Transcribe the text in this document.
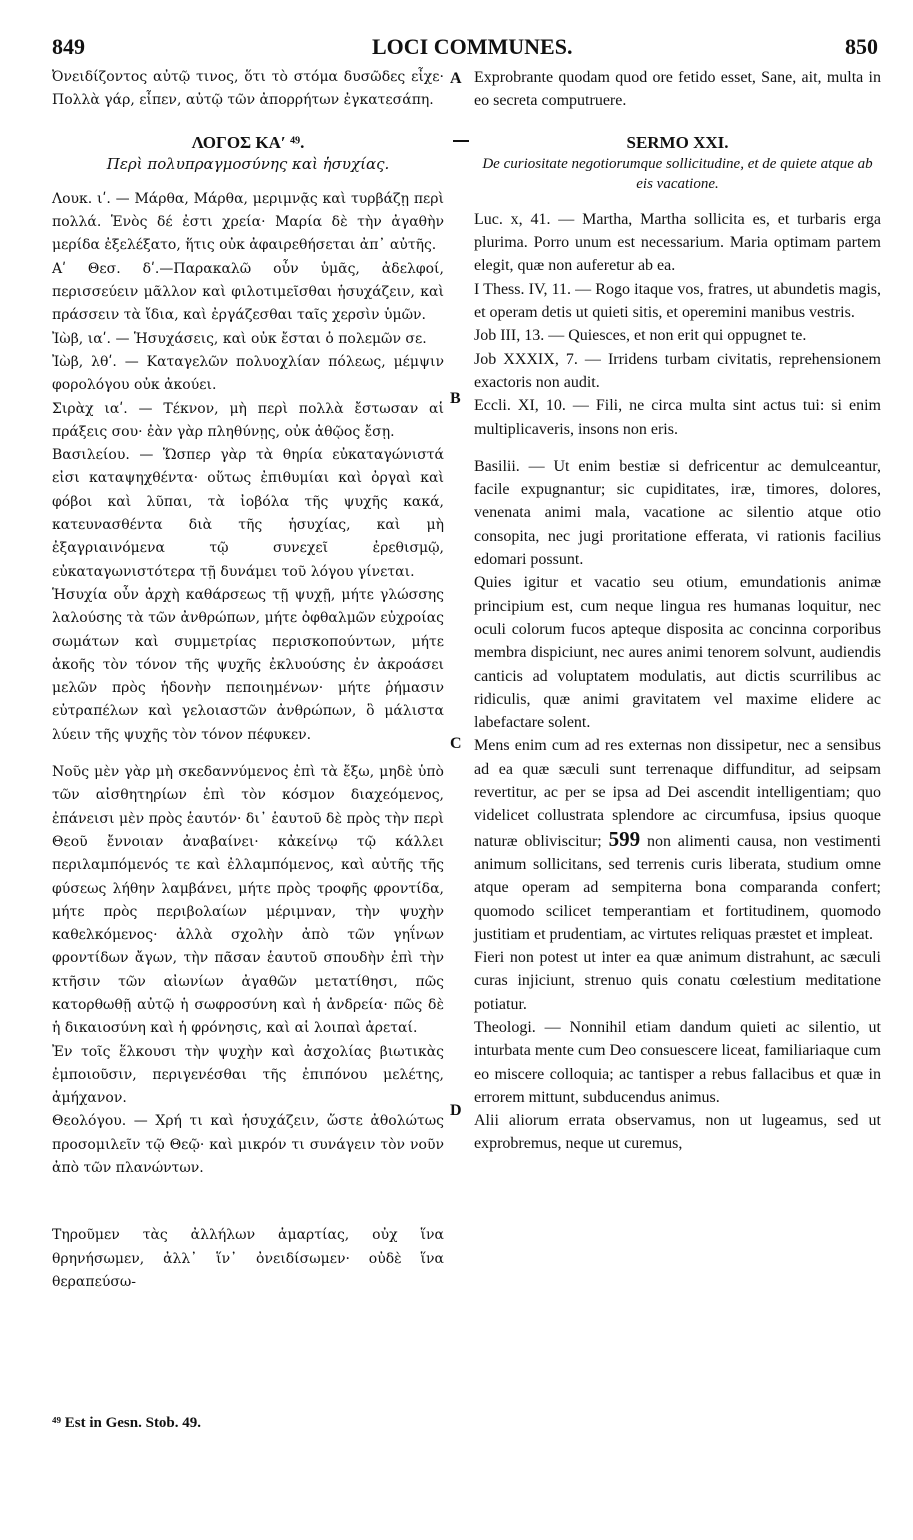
849	LOCI COMMUNES.	850
A
B
C
D

Ὀνειδίζοντος αὐτῷ τινος, ὅτι τὸ στόμα δυσῶδες εἶχε· Πολλὰ γάρ, εἶπεν, αὐτῷ τῶν ἀπορρήτων ἐγκατεσάπη.

ΛΟΓΟΣ ΚΑʹ ⁴⁹.
Περὶ πολυπραγμοσύνης καὶ ἡσυχίας.

Λουκ. ιʹ. — Μάρθα, Μάρθα, μεριμνᾷς καὶ τυρβάζῃ περὶ πολλά. Ἑνὸς δέ ἐστι χρεία· Μαρία δὲ τὴν ἀγαθὴν μερίδα ἐξελέξατο, ἥτις οὐκ ἀφαιρεθήσεται ἀπ᾽ αὐτῆς.

Αʹ Θεσ. δʹ.—Παρακαλῶ οὖν ὑμᾶς, ἀδελφοί, περισσεύειν μᾶλλον καὶ φιλοτιμεῖσθαι ἡσυχάζειν, καὶ πράσσειν τὰ ἴδια, καὶ ἐργάζεσθαι ταῖς χερσὶν ὑμῶν.

Ἰὼβ, ιαʹ. — Ἡσυχάσεις, καὶ οὐκ ἔσται ὁ πολεμῶν σε.

Ἰὼβ, λθʹ. — Καταγελῶν πολυοχλίαν πόλεως, μέμψιν φορολόγου οὐκ ἀκούει.

Σιρὰχ ιαʹ. — Τέκνον, μὴ περὶ πολλὰ ἔστωσαν αἱ πράξεις σου· ἐὰν γὰρ πληθύνῃς, οὐκ ἀθῷος ἔσῃ.

Βασιλείου. — Ὥσπερ γὰρ τὰ θηρία εὐκαταγώνιστά εἰσι καταψηχθέντα· οὕτως ἐπιθυμίαι καὶ ὀργαὶ καὶ φόβοι καὶ λῦπαι, τὰ ἰοβόλα τῆς ψυχῆς κακά, κατευνασθέντα διὰ τῆς ἡσυχίας, καὶ μὴ ἐξαγριαινόμενα τῷ συνεχεῖ ἐρεθισμῷ, εὐκαταγωνιστότερα τῇ δυνάμει τοῦ λόγου γίνεται.

Ἡσυχία οὖν ἀρχὴ καθάρσεως τῇ ψυχῇ, μήτε γλώσσης λαλούσης τὰ τῶν ἀνθρώπων, μήτε ὀφθαλμῶν εὐχροίας σωμάτων καὶ συμμετρίας περισκοπούντων, μήτε ἀκοῆς τὸν τόνον τῆς ψυχῆς ἐκλυούσης ἐν ἀκροάσει μελῶν πρὸς ἡδονὴν πεποιημένων· μήτε ῥήμασιν εὐτραπέλων καὶ γελοιαστῶν ἀνθρώπων, ὃ μάλιστα λύειν τῆς ψυχῆς τὸν τόνον πέφυκεν.

Νοῦς μὲν γὰρ μὴ σκεδαννύμενος ἐπὶ τὰ ἔξω, μηδὲ ὑπὸ τῶν αἰσθητηρίων ἐπὶ τὸν κόσμον διαχεόμενος, ἐπάνεισι μὲν πρὸς ἑαυτόν· δι᾽ ἑαυτοῦ δὲ πρὸς τὴν περὶ Θεοῦ ἔννοιαν ἀναβαίνει· κἀκείνῳ τῷ κάλλει περιλαμπόμενός τε καὶ ἐλλαμπόμενος, καὶ αὐτῆς τῆς φύσεως λήθην λαμβάνει, μήτε πρὸς τροφῆς φροντίδα, μήτε πρὸς περιβολαίων μέριμναν, τὴν ψυχὴν καθελκόμενος· ἀλλὰ σχολὴν ἀπὸ τῶν γηΐνων φροντίδων ἄγων, τὴν πᾶσαν ἑαυτοῦ σπουδὴν ἐπὶ τὴν κτῆσιν τῶν αἰωνίων ἀγαθῶν μετατίθησι, πῶς κατορθωθῇ αὐτῷ ἡ σωφροσύνη καὶ ἡ ἀνδρεία· πῶς δὲ ἡ δικαιοσύνη καὶ ἡ φρόνησις, καὶ αἱ λοιπαὶ ἀρεταί.

Ἐν τοῖς ἕλκουσι τὴν ψυχὴν καὶ ἀσχολίας βιωτικὰς ἐμποιοῦσιν, περιγενέσθαι τῆς ἐπιπόνου μελέτης, ἀμήχανον.

Θεολόγου. — Χρή τι καὶ ἡσυχάζειν, ὥστε ἀθολώτως προσομιλεῖν τῷ Θεῷ· καὶ μικρόν τι συνάγειν τὸν νοῦν ἀπὸ τῶν πλανώντων.

Τηροῦμεν τὰς ἀλλήλων ἁμαρτίας, οὐχ ἵνα θρηνήσωμεν, ἀλλ᾽ ἵν᾽ ὀνειδίσωμεν· οὐδὲ ἵνα θεραπεύσω-

Exprobrante quodam quod ore fetido esset, Sane, ait, multa in eo secreta computruere.

SERMO XXI.
De curiositate negotiorumque sollicitudine, et de quiete atque ab eis vacatione.

Luc. x, 41. — Martha, Martha sollicita es, et turbaris erga plurima. Porro unum est necessarium. Maria optimam partem elegit, quæ non auferetur ab ea.

I Thess. IV, 11. — Rogo itaque vos, fratres, ut abundetis magis, et operam detis ut quieti sitis, et operemini manibus vestris.

Job III, 13. — Quiesces, et non erit qui oppugnet te.

Job XXXIX, 7. — Irridens turbam civitatis, reprehensionem exactoris non audit.

Eccli. XI, 10. — Fili, ne circa multa sint actus tui: si enim multiplicaveris, insons non eris.

Basilii. — Ut enim bestiæ si defricentur ac demulceantur, facile expugnantur; sic cupiditates, iræ, timores, dolores, venenata animi mala, vacatione ac silentio atque otio consopita, nec jugi proritatione efferata, vi rationis facilius edomari possunt.

Quies igitur et vacatio seu otium, emundationis animæ principium est, cum neque lingua res humanas loquitur, nec oculi colorum fucos apteque disposita ac concinna corporibus membra dispiciunt, nec aures animi tenorem solvunt, audiendis canticis ad voluptatem modulatis, aut dictis scurrilibus ac ridiculis, quæ animi gravitatem vel maxime elidere ac labefactare solent.

Mens enim cum ad res externas non dissipetur, nec a sensibus ad ea quæ sæculi sunt terrenaque diffunditur, ad seipsam revertitur, ac per se ipsa ad Dei ascendit intelligentiam; quo videlicet collustrata splendore ac circumfusa, ipsius quoque naturæ obliviscitur; 599 non alimenti causa, non vestimenti animum sollicitans, sed terrenis curis liberata, studium omne atque operam ad sempiterna bona comparanda confert; quomodo scilicet temperantiam et fortitudinem, quomodo justitiam et prudentiam, ac virtutes reliquas præstet et impleat.

Fieri non potest ut inter ea quæ animum distrahunt, ac sæculi curas injiciunt, strenuo quis conatu cœlestium meditatione potiatur.

Theologi. — Nonnihil etiam dandum quieti ac silentio, ut inturbata mente cum Deo consuescere liceat, familiariaque cum eo miscere colloquia; ac tantisper a rebus fallacibus et quæ in errorem mittunt, subducendus animus.

Alii aliorum errata observamus, non ut lugeamus, sed ut exprobremus, neque ut curemus,

⁴⁹ Est in Gesn. Stob. 49.
